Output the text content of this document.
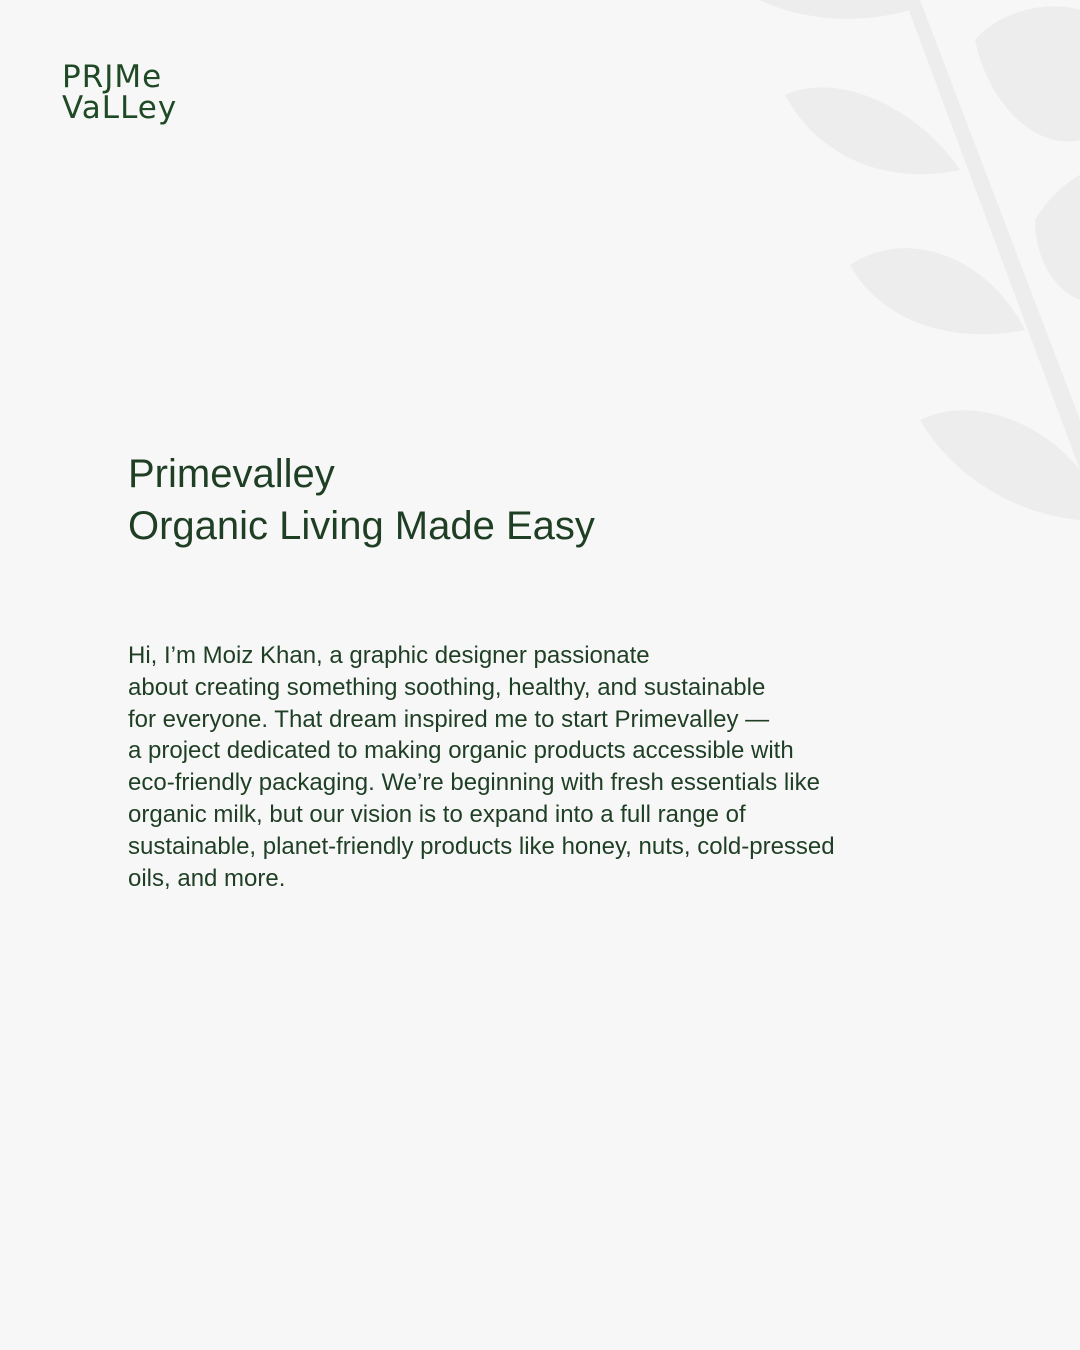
PRJMe
VaLLey
Primevalley
Organic Living Made Easy

Hi, I’m Moiz Khan, a graphic designer passionate
about creating something soothing, healthy, and sustainable
for everyone. That dream inspired me to start Primevalley —
a project dedicated to making organic products accessible with
eco-friendly packaging. We’re beginning with fresh essentials like
organic milk, but our vision is to expand into a full range of
sustainable, planet-friendly products like honey, nuts, cold-pressed
oils, and more.
